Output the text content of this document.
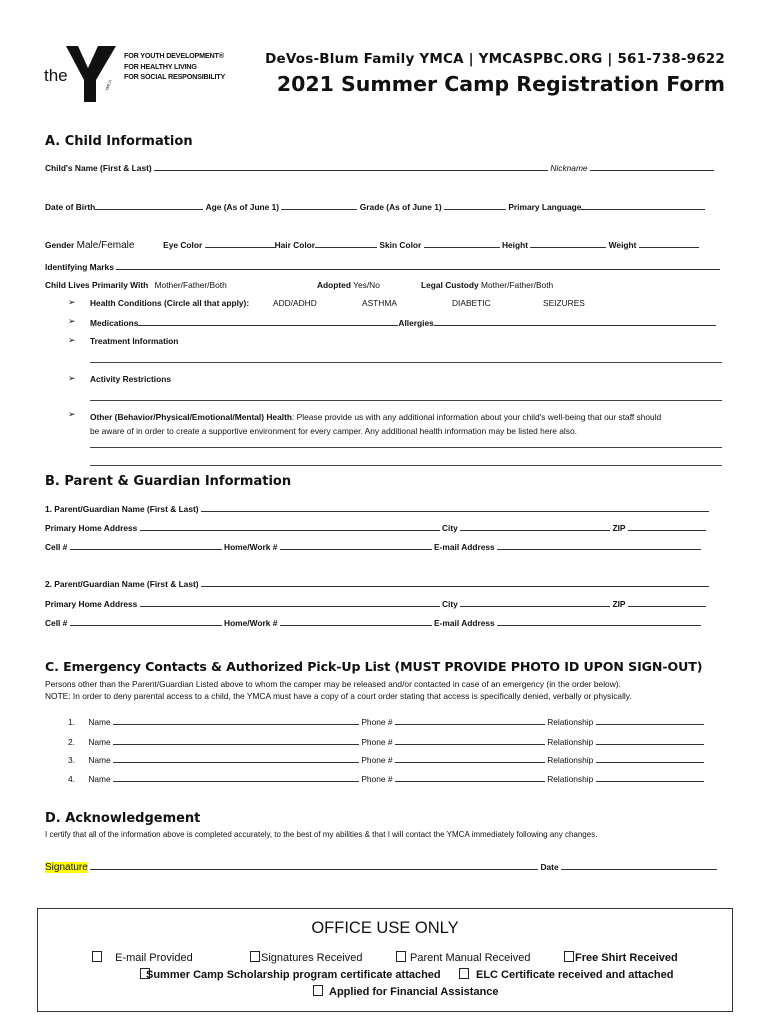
the
YMCA
FOR YOUTH DEVELOPMENT®
FOR HEALTHY LIVING
FOR SOCIAL RESPONSIBILITY
DeVos-Blum Family YMCA | YMCASPBC.ORG | 561-738-9622
2021 Summer Camp Registration Form
A. Child Information
Child's Name (First & Last)	Nickname
Date of Birth	Age (As of June 1)	Grade (As of June 1)	Primary Language
Gender Male/Female	Eye Color	Hair Color	Skin Color	Height	Weight
Identifying Marks
Child Lives Primarily With Mother/Father/Both	Adopted Yes/No	Legal Custody Mother/Father/Both
➢ Health Conditions (Circle all that apply):	ADD/ADHD	ASTHMA	DIABETIC	SEIZURES
➢ Medications	Allergies
➢ Treatment Information
➢ Activity Restrictions
➢ Other (Behavior/Physical/Emotional/Mental) Health: Please provide us with any additional information about your child's well-being that our staff should
be aware of in order to create a supportive environment for every camper. Any additional health information may be listed here also.
B. Parent & Guardian Information
1. Parent/Guardian Name (First & Last)
Primary Home Address	City	ZIP
Cell #	Home/Work #	E-mail Address
2. Parent/Guardian Name (First & Last)
Primary Home Address	City	ZIP
Cell #	Home/Work #	E-mail Address
C. Emergency Contacts & Authorized Pick-Up List (MUST PROVIDE PHOTO ID UPON SIGN-OUT)
Persons other than the Parent/Guardian Listed above to whom the camper may be released and/or contacted in case of an emergency (in the order below).
NOTE: In order to deny parental access to a child, the YMCA must have a copy of a court order stating that access is specifically denied, verbally or physically.
1. Name	Phone #	Relationship
2. Name	Phone #	Relationship
3. Name	Phone #	Relationship
4. Name	Phone #	Relationship
D. Acknowledgement
I certify that all of the information above is completed accurately, to the best of my abilities & that I will contact the YMCA immediately following any changes.
Signature	Date
OFFICE USE ONLY
E-mail Provided	Signatures Received	Parent Manual Received	Free Shirt Received
Summer Camp Scholarship program certificate attached	ELC Certificate received and attached
Applied for Financial Assistance
